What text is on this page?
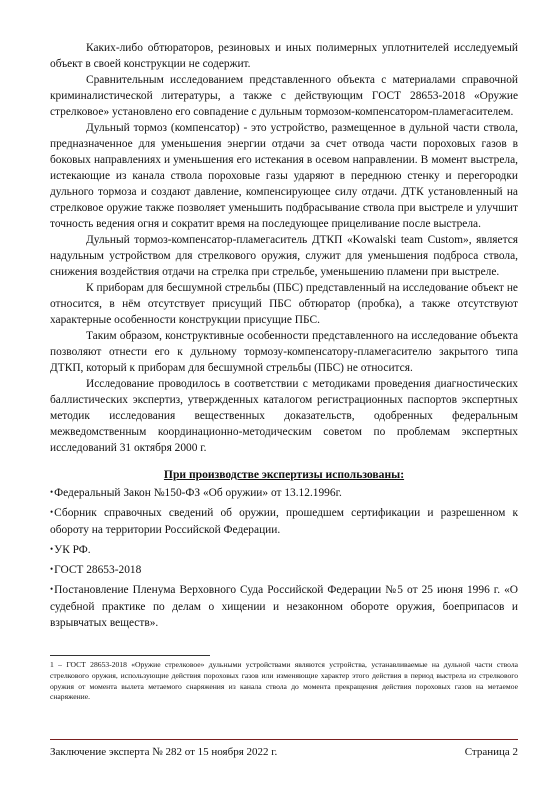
Каких-либо обтюраторов, резиновых и иных полимерных уплотнителей исследуемый объект в своей конструкции не содержит.

Сравнительным исследованием представленного объекта с материалами справочной криминалистической литературы, а также с действующим ГОСТ 28653-2018 «Оружие стрелковое» установлено его совпадение с дульным тормозом-компенсатором-пламегасителем.

Дульный тормоз (компенсатор) - это устройство, размещенное в дульной части ствола, предназначенное для уменьшения энергии отдачи за счет отвода части пороховых газов в боковых направлениях и уменьшения его истекания в осевом направлении. В момент выстрела, истекающие из канала ствола пороховые газы ударяют в переднюю стенку и перегородки дульного тормоза и создают давление, компенсирующее силу отдачи. ДТК установленный на стрелковое оружие также позволяет уменьшить подбрасывание ствола при выстреле и улучшит точность ведения огня и сократит время на последующее прицеливание после выстрела.

Дульный тормоз-компенсатор-пламегаситель ДТКП «Kowalski team Custom», является надульным устройством для стрелкового оружия, служит для уменьшения подброса ствола, снижения воздействия отдачи на стрелка при стрельбе, уменьшению пламени при выстреле.

К приборам для бесшумной стрельбы (ПБС) представленный на исследование объект не относится, в нём отсутствует присущий ПБС обтюратор (пробка), а также отсутствуют характерные особенности конструкции присущие ПБС.

Таким образом, конструктивные особенности представленного на исследование объекта позволяют отнести его к дульному тормозу-компенсатору-пламегасителю закрытого типа ДТКП, который к приборам для бесшумной стрельбы (ПБС) не относится.

Исследование проводилось в соответствии с методиками проведения диагностических баллистических экспертиз, утвержденных каталогом регистрационных паспортов экспертных методик исследования вещественных доказательств, одобренных федеральным межведомственным координационно-методическим советом по проблемам экспертных исследований 31 октября 2000 г.

При производстве экспертизы использованы:
•Федеральный Закон №150-ФЗ «Об оружии» от 13.12.1996г.
•Сборник справочных сведений об оружии, прошедшем сертификации и разрешенном к обороту на территории Российской Федерации.
•УК РФ.
•ГОСТ 28653-2018
•Постановление Пленума Верховного Суда Российской Федерации №5 от 25 июня 1996 г. «О судебной практике по делам о хищении и незаконном обороте оружия, боеприпасов и взрывчатых веществ».
1 – ГОСТ 28653-2018 «Оружие стрелковое» дульными устройствами являются устройства, устанавливаемые на дульной части ствола стрелкового оружия, использующие действия пороховых газов или изменяющие характер этого действия в период выстрела из стрелкового оружия от момента вылета метаемого снаряжения из канала ствола до момента прекращения действия пороховых газов на метаемое снаряжение.
Заключение эксперта № 282 от 15 ноября 2022 г.	Страница 2
